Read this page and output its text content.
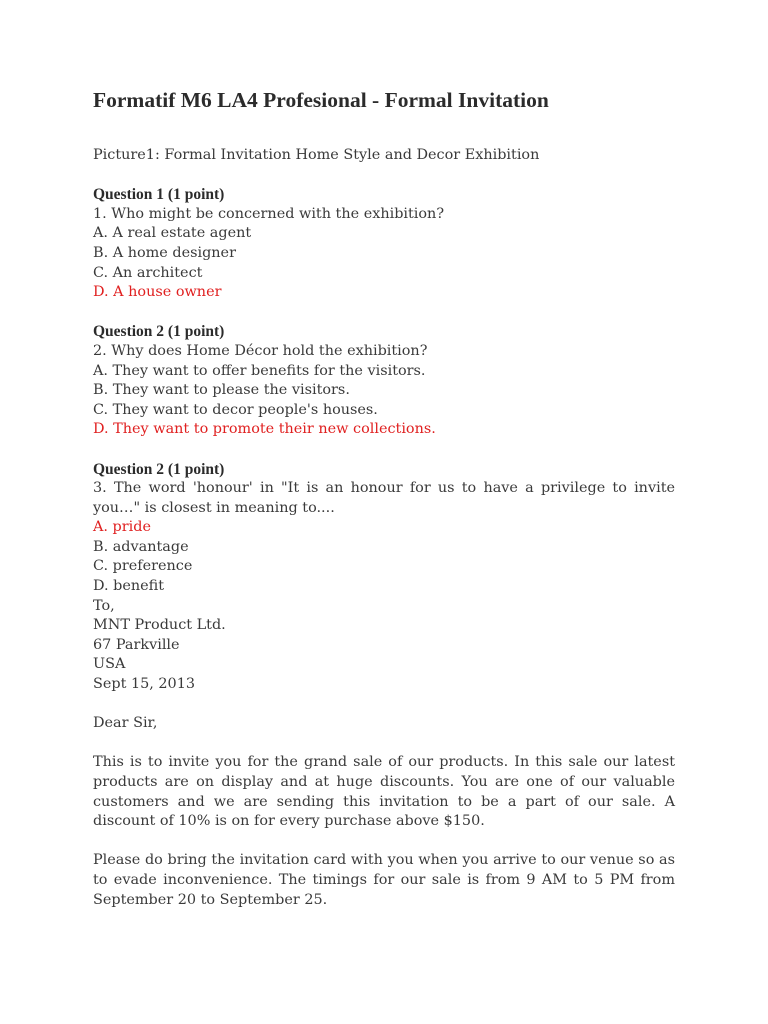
Formatif M6 LA4 Profesional - Formal Invitation

Picture1: Formal Invitation Home Style and Decor Exhibition

Question 1 (1 point)

1. Who might be concerned with the exhibition?

A. A real estate agent

B. A home designer

C. An architect

D. A house owner

Question 2 (1 point)

2. Why does Home Décor hold the exhibition?

A. They want to offer benefits for the visitors.

B. They want to please the visitors.

C. They want to decor people's houses.

D. They want to promote their new collections.

Question 2 (1 point)

3. The word 'honour' in "It is an honour for us to have a privilege to invite you…" is closest in meaning to....

A. pride

B. advantage

C. preference

D. benefit

To,

MNT Product Ltd.

67 Parkville

USA

Sept 15, 2013

Dear Sir,

This is to invite you for the grand sale of our products. In this sale our latest products are on display and at huge discounts. You are one of our valuable customers and we are sending this invitation to be a part of our sale. A discount of 10% is on for every purchase above $150.

Please do bring the invitation card with you when you arrive to our venue so as to evade inconvenience. The timings for our sale is from 9 AM to 5 PM from September 20 to September 25.
